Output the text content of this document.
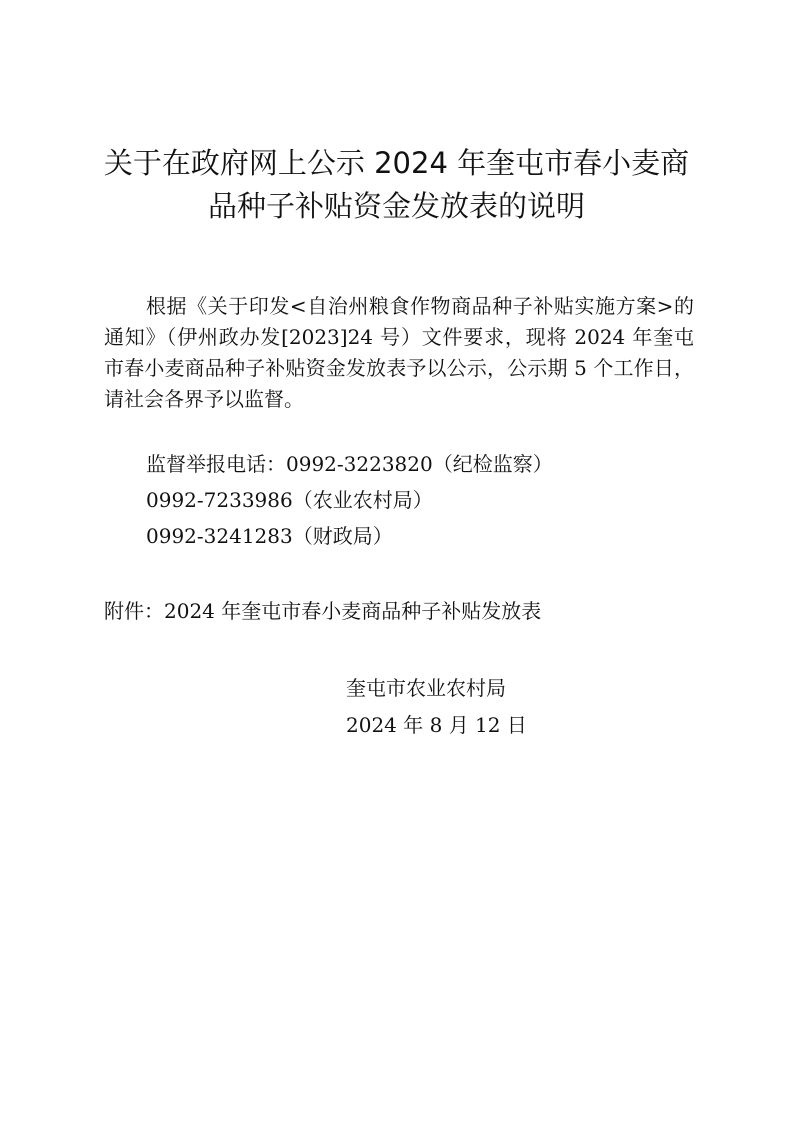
关于在政府网上公示 2024 年奎屯市春小麦商
品种子补贴资金发放表的说明
根据《关于印发<自治州粮食作物商品种子补贴实施方案>的通知》（伊州政办发[2023]24 号）文件要求，现将 2024 年奎屯市春小麦商品种子补贴资金发放表予以公示，公示期 5 个工作日，请社会各界予以监督。
监督举报电话：0992-3223820（纪检监察）
0992-7233986（农业农村局）
0992-3241283（财政局）
附件：2024 年奎屯市春小麦商品种子补贴发放表
奎屯市农业农村局
2024 年 8 月 12 日
